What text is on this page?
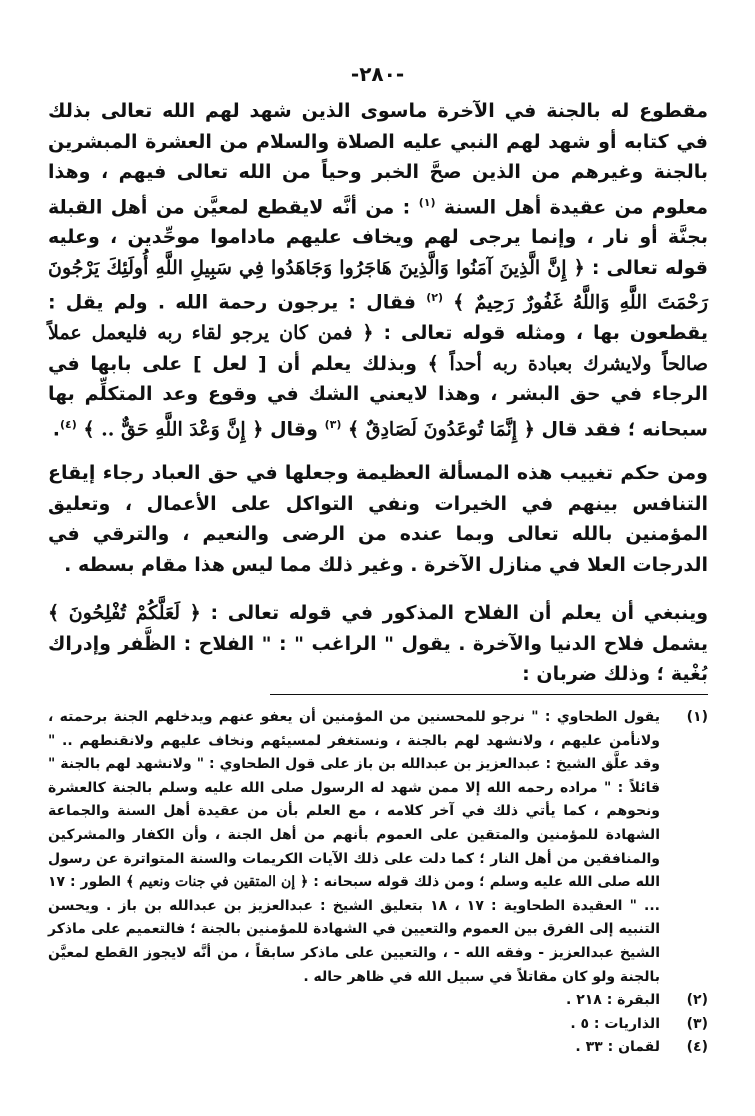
-٢٨٠-

مقطوع له بالجنة في الآخرة ماسوى الذين شهد لهم الله تعالى بذلك في كتابه أو شهد لهم النبي عليه الصلاة والسلام من العشرة المبشرين بالجنة وغيرهم من الذين صحَّ الخبر وحياً من الله تعالى فيهم ، وهذا معلوم من عقيدة أهل السنة $^{(١)}$ : من أنَّه لايقطع لمعيَّن من أهل القبلة بجنَّة أو نار ، وإنما يرجى لهم ويخاف عليهم ماداموا موحِّدين ، وعليه قوله تعالى : ﴿ إِنَّ الَّذِينَ آمَنُوا وَالَّذِينَ هَاجَرُوا وَجَاهَدُوا فِي سَبِيلِ اللَّهِ أُولَئِكَ يَرْجُونَ رَحْمَتَ اللَّهِ وَاللَّهُ غَفُورٌ رَحِيمٌ ﴾ $^{(٢)}$ فقال : يرجون رحمة الله . ولم يقل : يقطعون بها ، ومثله قوله تعالى : ﴿ فمن كان يرجو لقاء ربه فليعمل عملاً صالحاً ولايشرك بعبادة ربه أحداً ﴾ وبذلك يعلم أن [ لعل ] على بابها في الرجاء في حق البشر ، وهذا لايعني الشك في وقوع وعد المتكلِّم بها سبحانه ؛ فقد قال ﴿ إِنَّمَا تُوعَدُونَ لَصَادِقٌ ﴾ $^{(٣)}$ وقال ﴿ إِنَّ وَعْدَ اللَّهِ حَقٌّ .. ﴾ $^{(٤)}$.

ومن حكم تغييب هذه المسألة العظيمة وجعلها في حق العباد رجاء إيقاع التنافس بينهم في الخيرات ونفي التواكل على الأعمال ، وتعليق المؤمنين بالله تعالى وبما عنده من الرضى والنعيم ، والترقي في الدرجات العلا في منازل الآخرة . وغير ذلك مما ليس هذا مقام بسطه .

وينبغي أن يعلم أن الفلاح المذكور في قوله تعالى : ﴿ لَعَلَّكُمْ تُفْلِحُونَ ﴾ يشمل فلاح الدنيا والآخرة . يقول " الراغب " : " الفلاح : الظَّفر وإدراك بُغْية ؛ وذلك ضربان :

(١)
يقول الطحاوي : " نرجو للمحسنين من المؤمنين أن يعفو عنهم ويدخلهم الجنة برحمته ، ولانأمن عليهم ، ولانشهد لهم بالجنة ، ونستغفر لمسيئهم ونخاف عليهم ولانقنطهم .. " وقد علَّق الشيخ : عبدالعزيز بن عبدالله بن باز على قول الطحاوي : " ولانشهد لهم بالجنة " قائلاً : " مراده رحمه الله إلا ممن شهد له الرسول صلى الله عليه وسلم بالجنة كالعشرة ونحوهم ، كما يأتي ذلك في آخر كلامه ، مع العلم بأن من عقيدة أهل السنة والجماعة الشهادة للمؤمنين والمتقين على العموم بأنهم من أهل الجنة ، وأن الكفار والمشركين والمنافقين من أهل النار ؛ كما دلت على ذلك الآيات الكريمات والسنة المتواترة عن رسول الله صلى الله عليه وسلم ؛ ومن ذلك قوله سبحانه : ﴿ إن المتقين في جنات ونعيم ﴾ الطور : ١٧ ... " العقيدة الطحاوية : ١٧ ، ١٨ بتعليق الشيخ : عبدالعزيز بن عبدالله بن باز . ويحسن التنبيه إلى الفرق بين العموم والتعيين في الشهادة للمؤمنين بالجنة ؛ فالتعميم على ماذكر الشيخ عبدالعزيز - وفقه الله - ، والتعيين على ماذكر سابقاً ، من أنَّه لايجوز القطع لمعيَّن بالجنة ولو كان مقاتلاً في سبيل الله في ظاهر حاله .
(٢)
البقرة : ٢١٨ .
(٣)
الذاريات : ٥ .
(٤)
لقمان : ٣٣ .
